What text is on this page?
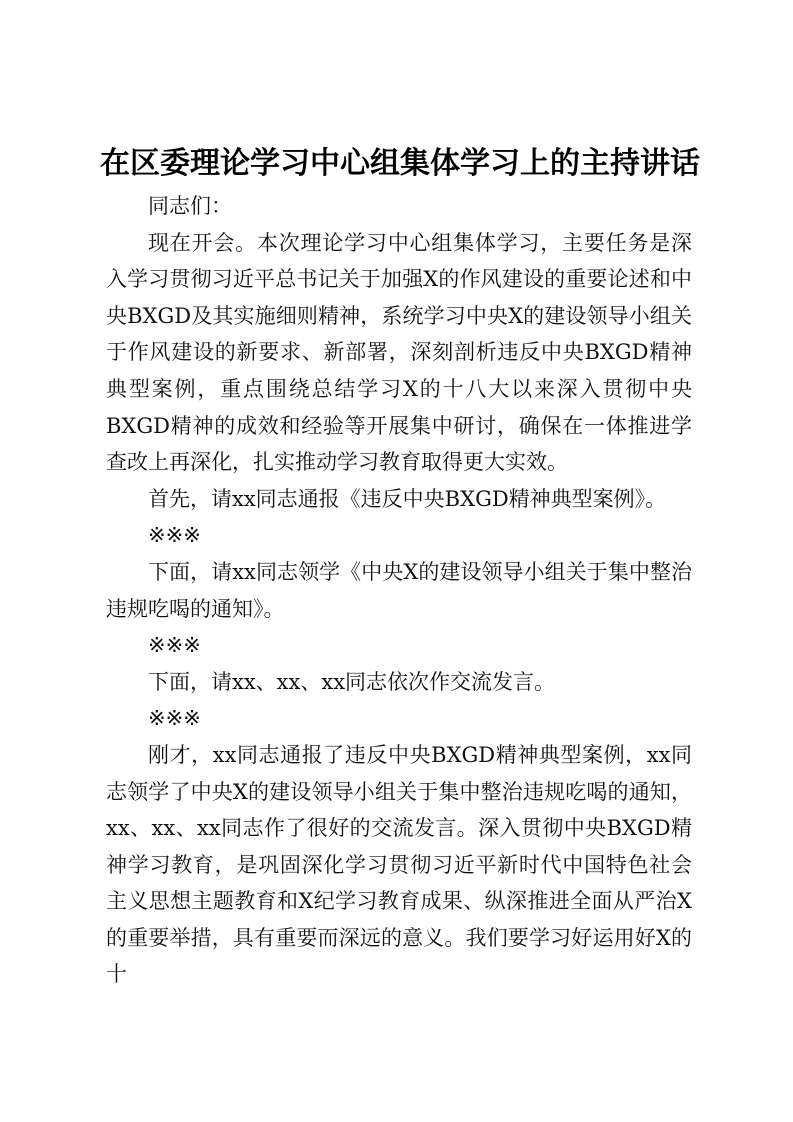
在区委理论学习中心组集体学习上的主持讲话

同志们：

现在开会。本次理论学习中心组集体学习，主要任务是深入学习贯彻习近平总书记关于加强X的作风建设的重要论述和中央BXGD及其实施细则精神，系统学习中央X的建设领导小组关于作风建设的新要求、新部署，深刻剖析违反中央BXGD精神典型案例，重点围绕总结学习X的十八大以来深入贯彻中央BXGD精神的成效和经验等开展集中研讨，确保在一体推进学查改上再深化，扎实推动学习教育取得更大实效。

首先，请xx同志通报《违反中央BXGD精神典型案例》。

※※※

下面，请xx同志领学《中央X的建设领导小组关于集中整治违规吃喝的通知》。

※※※

下面，请xx、xx、xx同志依次作交流发言。

※※※

刚才，xx同志通报了违反中央BXGD精神典型案例，xx同志领学了中央X的建设领导小组关于集中整治违规吃喝的通知，xx、xx、xx同志作了很好的交流发言。深入贯彻中央BXGD精神学习教育，是巩固深化学习贯彻习近平新时代中国特色社会主义思想主题教育和X纪学习教育成果、纵深推进全面从严治X的重要举措，具有重要而深远的意义。我们要学习好运用好X的十
